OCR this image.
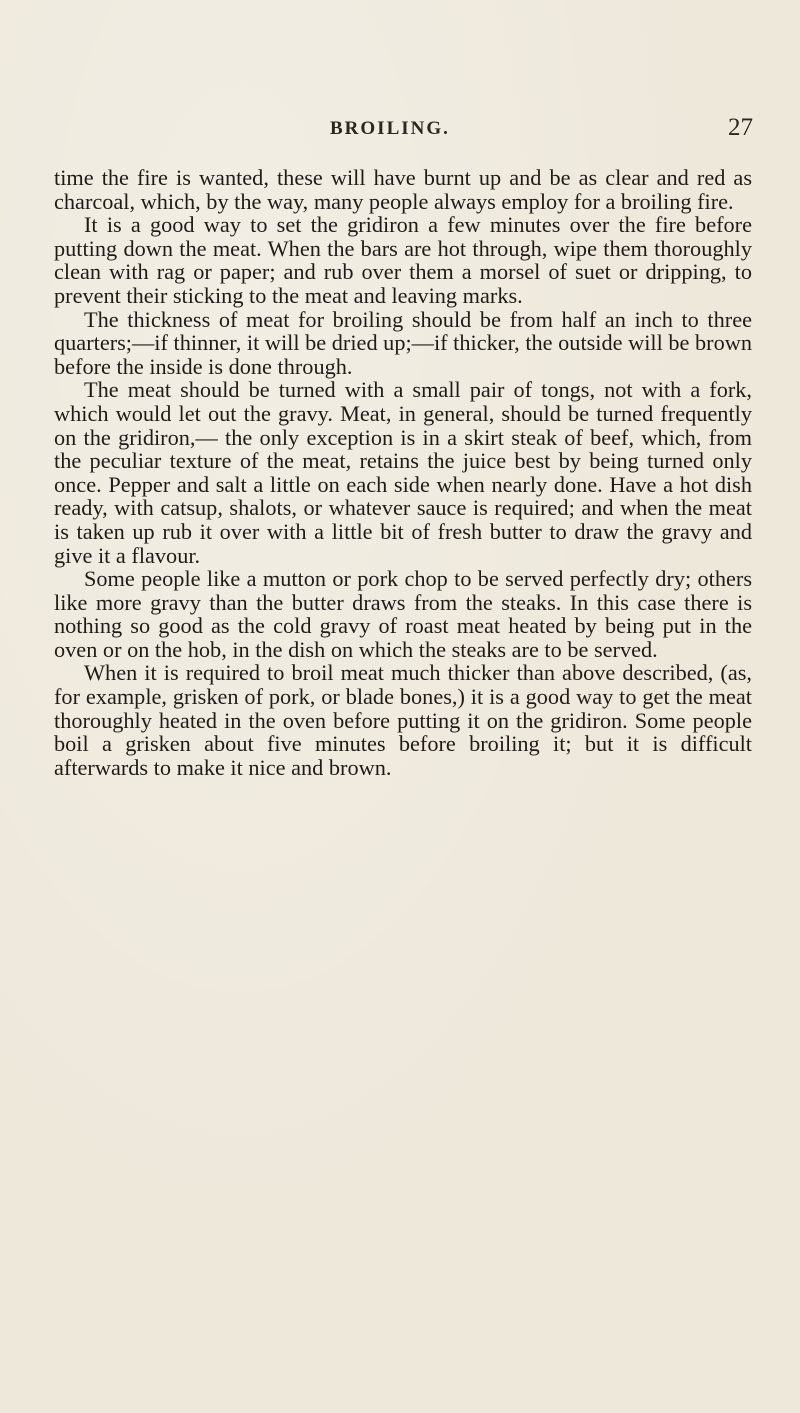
BROILING.	27

time the fire is wanted, these will have burnt up and be as clear and red as charcoal, which, by the way, many people always employ for a broiling fire.

It is a good way to set the gridiron a few minutes over the fire before putting down the meat. When the bars are hot through, wipe them thoroughly clean with rag or paper; and rub over them a morsel of suet or dripping, to prevent their sticking to the meat and leaving marks.

The thickness of meat for broiling should be from half an inch to three quarters;—if thinner, it will be dried up;—if thicker, the outside will be brown before the inside is done through.

The meat should be turned with a small pair of tongs, not with a fork, which would let out the gravy. Meat, in general, should be turned frequently on the gridiron,— the only exception is in a skirt steak of beef, which, from the peculiar texture of the meat, retains the juice best by being turned only once. Pepper and salt a little on each side when nearly done. Have a hot dish ready, with catsup, shalots, or whatever sauce is required; and when the meat is taken up rub it over with a little bit of fresh butter to draw the gravy and give it a flavour.

Some people like a mutton or pork chop to be served perfectly dry; others like more gravy than the butter draws from the steaks. In this case there is nothing so good as the cold gravy of roast meat heated by being put in the oven or on the hob, in the dish on which the steaks are to be served.

When it is required to broil meat much thicker than above described, (as, for example, grisken of pork, or blade bones,) it is a good way to get the meat thoroughly heated in the oven before putting it on the gridiron. Some people boil a grisken about five minutes before broiling it; but it is difficult afterwards to make it nice and brown.
